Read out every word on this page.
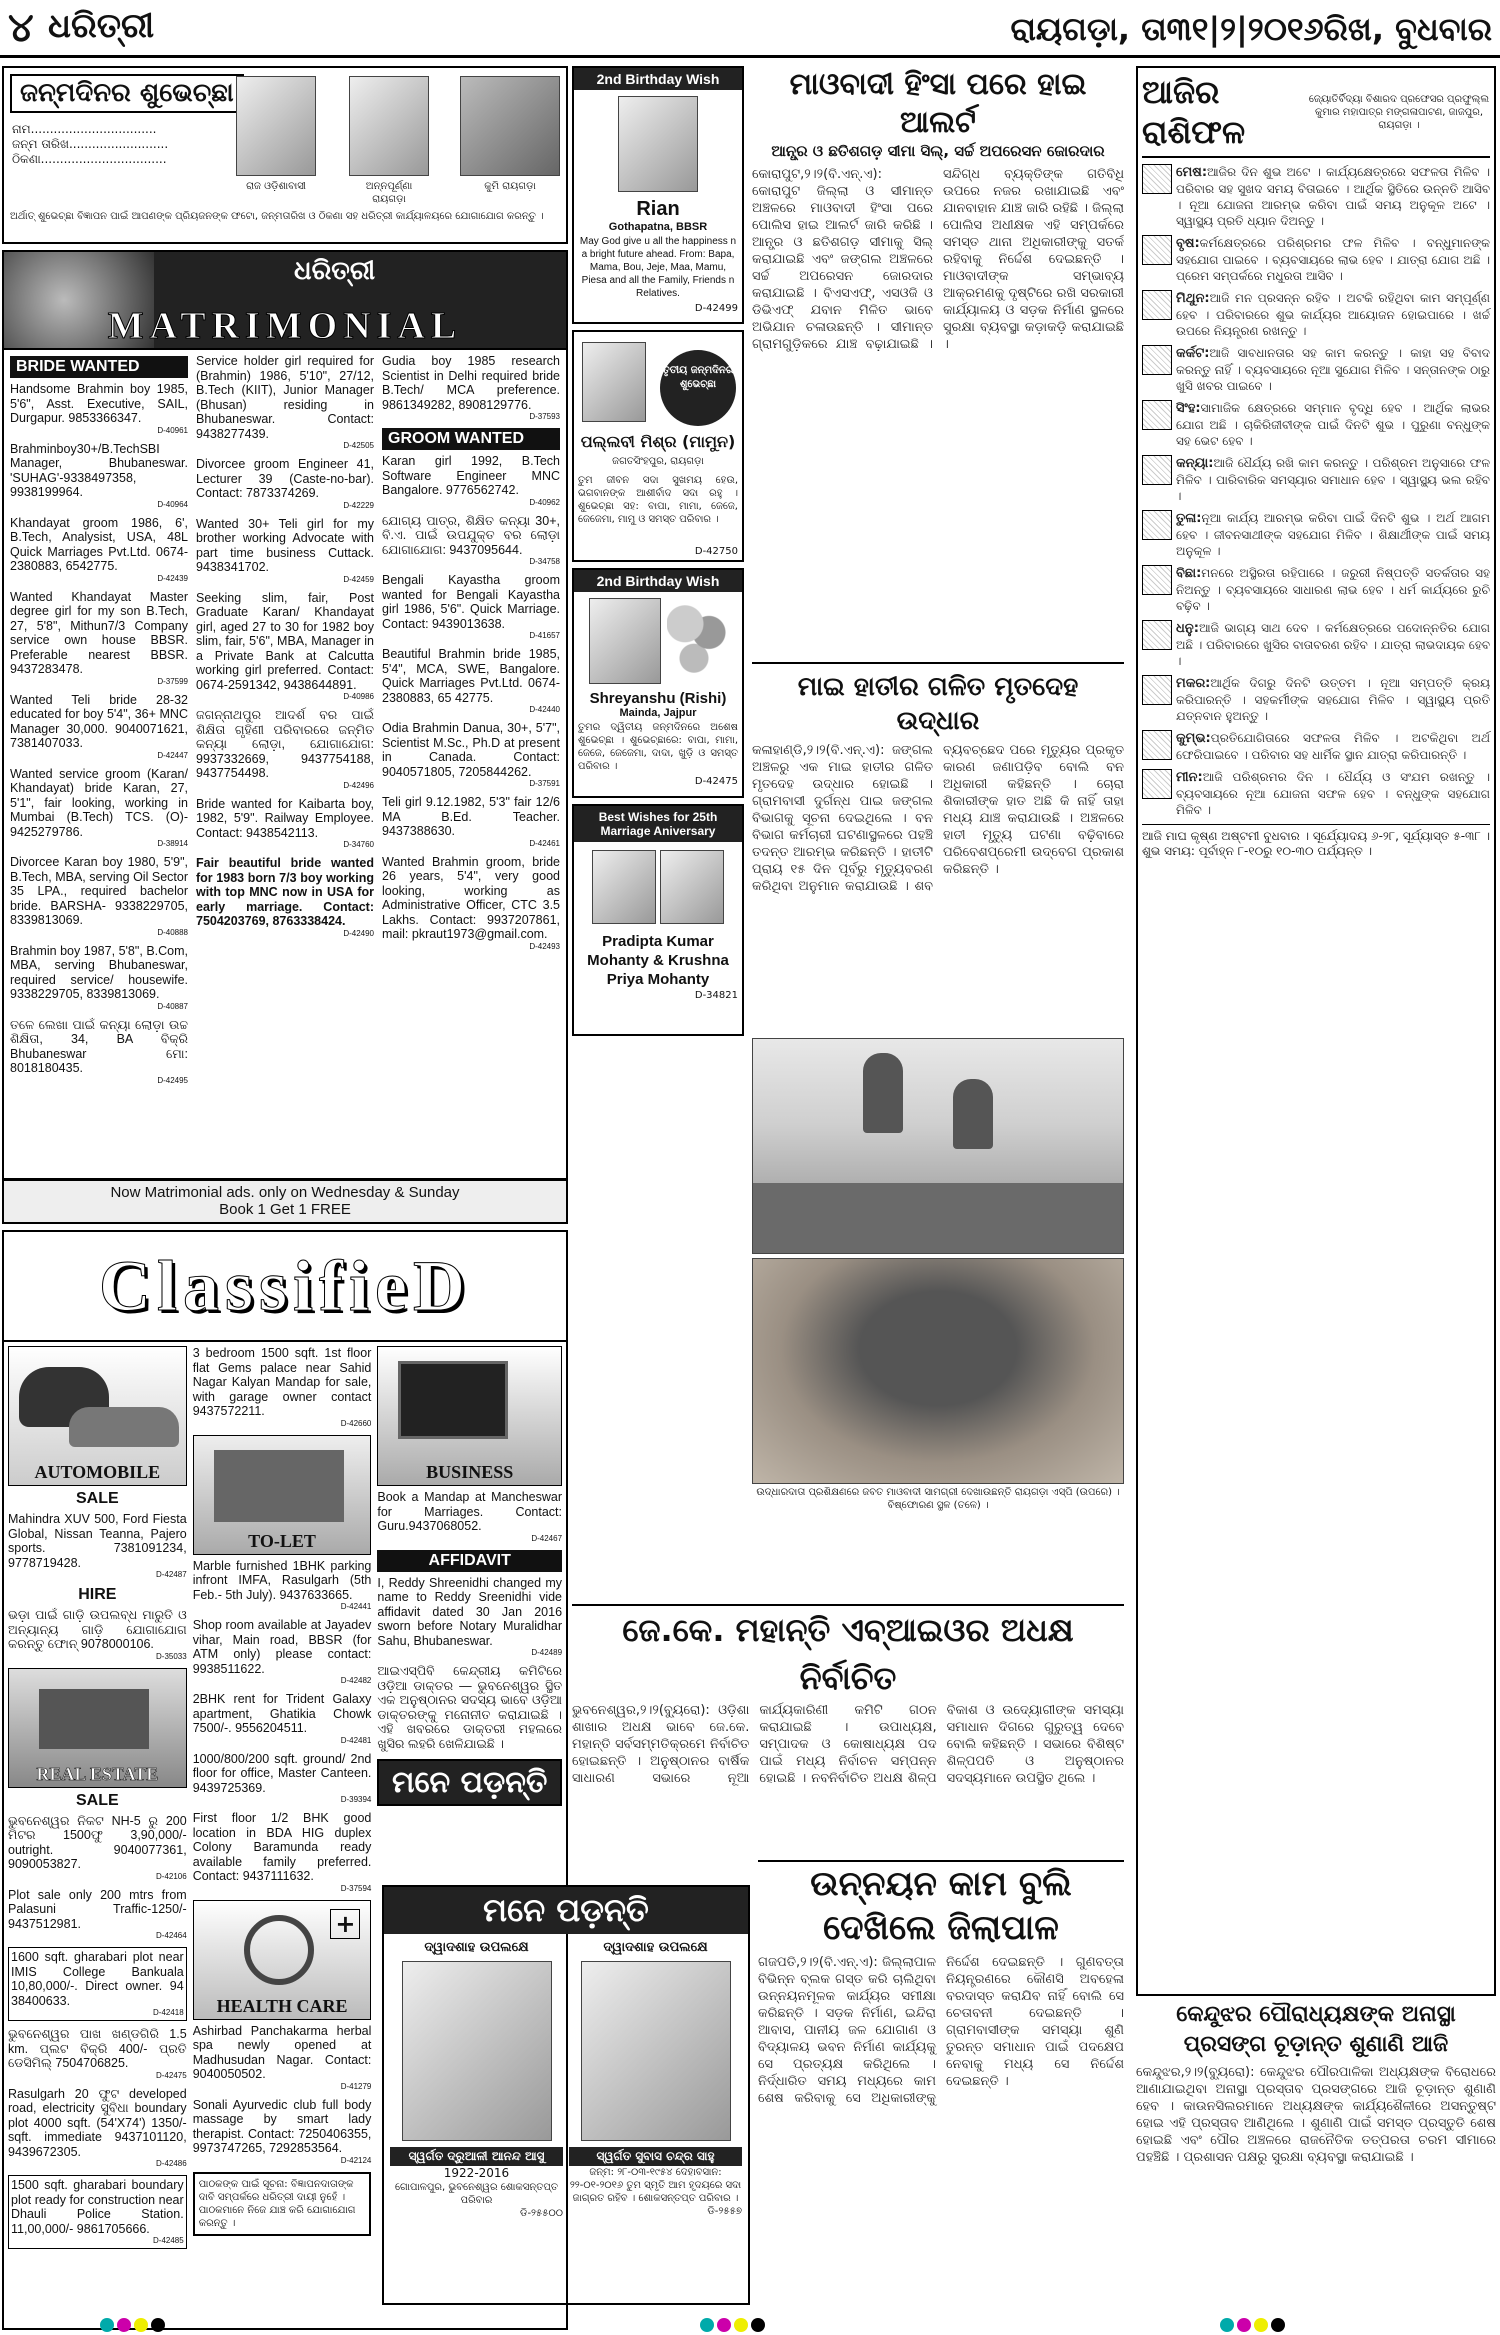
୪ ଧରିତ୍ରୀ	ରାୟଗଡ଼ା, ତା୩୧|୨|୨୦୧୬ରିଖ, ବୁଧବାର
ଜନ୍ମଦିନର ଶୁଭେଚ୍ଛା
ନାମ.................................
ଜନ୍ମ ତାରିଖ..........................
ଠିକଣା.................................
ରାଜ ଓଡ଼ିଶାବାସୀ	ଅନ୍ନପୂର୍ଣ୍ଣା ରାୟଗଡ଼ା
କୁମି ରାୟଗଡ଼ା
ଅର୍ଥାତ୍ ଶୁଭେଚ୍ଛା ବିଜ୍ଞାପନ ପାଇଁ ଆପଣଙ୍କ ପ୍ରିୟଜନଙ୍କ ଫଟୋ, ଜନ୍ମତାରିଖ ଓ ଠିକଣା ସହ ଧରିତ୍ରୀ କାର୍ଯ୍ୟାଳୟରେ ଯୋଗାଯୋଗ କରନ୍ତୁ ।
ଧରିତ୍ରୀ
MATRIMONIAL
BRIDE WANTED
Handsome Brahmin boy 1985, 5'6", Asst. Executive, SAIL, Durgapur. 9853366347.
D-40961
Brahminboy30+/B.TechSBI Manager, Bhubaneswar. 'SUHAG'-9338497358, 9938199964.
D-40964
Khandayat groom 1986, 6', B.Tech, Analysist, USA, 48L Quick Marriages Pvt.Ltd. 0674-2380883, 6542775.
D-42439
Wanted Khandayat Master degree girl for my son B.Tech, 27, 5'8", Mithun7/3 Company service own house BBSR. Preferable nearest BBSR. 9437283478.
D-37599
Wanted Teli bride 28-32 educated for boy 5'4", 36+ MNC Manager 30,000. 9040071621, 7381407033.
D-42447
Wanted service groom (Karan/ Khandayat) bride Karan, 27, 5'1", fair looking, working in Mumbai (B.Tech) TCS. (O)- 9425279786.
D-38914
Divorcee Karan boy 1980, 5'9", B.Tech, MBA, serving Oil Sector 35 LPA., required bachelor bride. BARSHA- 9338229705, 8339813069.
D-40888
Brahmin boy 1987, 5'8", B.Com, MBA, serving Bhubaneswar, required service/ housewife. 9338229705, 8339813069.
D-40887
ତଳେ ଲେଖା ପାଇଁ କନ୍ୟା ଲୋଡ଼ା ଉଚ୍ଚ ଶିକ୍ଷିତା, 34, BA ବିକ୍ରି Bhubaneswar ମୋ: 8018180435.
D-42495
Service holder girl required for (Brahmin) 1986, 5'10", 27/12, B.Tech (KIIT), Junior Manager (Bhusan) residing in Bhubaneswar. Contact: 9438277439.
D-42505
Divorcee groom Engineer 41, Lecturer 39 (Caste-no-bar). Contact: 7873374269.
D-42229
Wanted 30+ Teli girl for my brother working Advocate with part time business Cuttack. 9438341702.
D-42459
Seeking slim, fair, Post Graduate Karan/ Khandayat girl, aged 27 to 30 for 1982 boy slim, fair, 5'6", MBA, Manager in a Private Bank at Calcutta working girl preferred. Contact: 0674-2591342, 9438644891.
D-40986
ଜଗନ୍ନାଥପୁର ଆଦର୍ଶ ବର ପାଇଁ ଶିକ୍ଷିତା ଗୃହିଣୀ ପରିବାରରେ ଜନ୍ମିତ କନ୍ୟା ଲୋଡ଼ା, ଯୋଗାଯୋଗ: 9937332669, 9437754188, 9437754498.
D-42496
Bride wanted for Kaibarta boy, 1982, 5'9". Railway Employee. Contact: 9438542113.
D-34760
Fair beautiful bride wanted for 1983 born 7/3 boy working with top MNC now in USA for early marriage. Contact: 7504203769, 8763338424.
D-42490
Gudia boy 1985 research Scientist in Delhi required bride B.Tech/ MCA preference. 9861349282, 8908129776.
D-37593
GROOM WANTED
Karan girl 1992, B.Tech Software Engineer MNC Bangalore. 9776562742.
D-40962
ଯୋଗ୍ୟ ପାତ୍ର, ଶିକ୍ଷିତ କନ୍ୟା 30+, ବି.ଏ. ପାଇଁ ଉପଯୁକ୍ତ ବର ଲୋଡ଼ା ଯୋଗାଯୋଗ: 9437095644.
D-34758
Bengali Kayastha groom wanted for Bengali Kayastha girl 1986, 5'6". Quick Marriage. Contact: 9439013638.
D-41657
Beautiful Brahmin bride 1985, 5'4", MCA, SWE, Bangalore. Quick Marriages Pvt.Ltd. 0674-2380883, 65 42775.
D-42440
Odia Brahmin Danua, 30+, 5'7", Scientist M.Sc., Ph.D at present in Canada. Contact: 9040571805, 7205844262.
D-37591
Teli girl 9.12.1982, 5'3" fair 12/6 MA B.Ed. Teacher. 9437388630.
D-42461
Wanted Brahmin groom, bride 26 years, 5'4", very good looking, working as Administrative Officer, CTC 3.5 Lakhs. Contact: 9937207861, mail: pkraut1973@gmail.com.
D-42493
Now Matrimonial ads. only on Wednesday & Sunday
Book 1 Get 1 FREE
ClassifieD
AUTOMOBILE
SALE
Mahindra XUV 500, Ford Fiesta Global, Nissan Teanna, Pajero sports. 7381091234, 9778719428.
D-42487
HIRE
ଭଡ଼ା ପାଇଁ ଗାଡ଼ି ଉପଲବ୍ଧ ମାରୁତି ଓ ଅନ୍ୟାନ୍ୟ ଗାଡ଼ି ଯୋଗାଯୋଗ କରନ୍ତୁ ଫୋନ୍ 9078000106.
D-35033
REAL ESTATE
SALE
ଭୁବନେଶ୍ୱର ନିକଟ NH-5 ରୁ 200 ମିଟର 1500ଫୁ 3,90,000/- outright. 9040077361, 9090053827.
D-42106
Plot sale only 200 mtrs from Palasuni Traffic-1250/- 9437512981.
D-42464
1600 sqft. gharabari plot near IMIS College Bankuala 10,80,000/-. Direct owner. 94 38400633.
D-42418
ଭୁବନେଶ୍ୱର ପାଖ ଖଣ୍ଡଗିରି 1.5 km. ପ୍ଲଟ ବିକ୍ରି 400/- ପ୍ରତି ଡେସିମିଲ୍ 7504706825.
D-42475
Rasulgarh 20 ଫୁଟ developed road, electricity ସୁବିଧା boundary plot 4000 sqft. (54'X74') 1350/- sqft. immediate 9437101120, 9439672305.
D-42486
1500 sqft. gharabari boundary plot ready for construction near Dhauli Police Station. 11,00,000/- 9861705666.
D-42485
3 bedroom 1500 sqft. 1st floor flat Gems palace near Sahid Nagar Kalyan Mandap for sale, with garage owner contact 9437572211.
D-42660
TO-LET
Marble furnished 1BHK parking infront IMFA, Rasulgarh (5th Feb.- 5th July). 9437633665.
D-42441
Shop room available at Jayadev vihar, Main road, BBSR (for ATM only) please contact: 9938511622.
D-42482
2BHK rent for Trident Galaxy apartment, Ghatikia Chowk 7500/-. 9556204511.
D-42481
1000/800/200 sqft. ground/ 2nd floor for office, Master Canteen. 9439725369.
D-39394
First floor 1/2 BHK good location in BDA HIG duplex Colony Baramunda ready available family preferred. Contact: 9437111632.
D-37594
+
HEALTH CARE
Ashirbad Panchakarma herbal spa newly opened at Madhusudan Nagar. Contact: 9040050502.
D-41279
Sonali Ayurvedic club full body massage by smart lady therapist. Contact: 7250406355, 9973747265, 7292853564.
D-42124
ପାଠକଙ୍କ ପାଇଁ ସୂଚନା: ବିଜ୍ଞାପନଦାତାଙ୍କ ଦାବି ସମ୍ପର୍କରେ ଧରିତ୍ରୀ ଦାୟୀ ନୁହେଁ । ପାଠକମାନେ ନିଜେ ଯାଞ୍ଚ କରି ଯୋଗାଯୋଗ କରନ୍ତୁ ।
BUSINESS
Book a Mandap at Mancheswar for Marriages. Contact: Guru.9437068052.
D-42467
AFFIDAVIT
I, Reddy Shreenidhi changed my name to Reddy Sreenidhi vide affidavit dated 30 Jan 2016 sworn before Notary Muralidhar Sahu, Bhubaneswar.
D-42489
ଆଇଏସ୍‌ପିବି କେନ୍ଦ୍ରୀୟ କମିଟିରେ ଓଡ଼ିଆ ଡାକ୍ତର — ଭୁବନେଶ୍ୱର ସ୍ଥିତ ଏକ ଅନୁଷ୍ଠାନର ସଦସ୍ୟ ଭାବେ ଓଡ଼ିଆ ଡାକ୍ତରଙ୍କୁ ମନୋନୀତ କରାଯାଇଛି । ଏହି ଖବରରେ ଡାକ୍ତରୀ ମହଲରେ ଖୁସିର ଲହରି ଖେଳିଯାଇଛି ।
ମନେ ପଡ଼ନ୍ତି
ମନେ ପଡ଼ନ୍ତି
ଦ୍ୱାଦଶାହ ଉପଲକ୍ଷେ
ସ୍ୱର୍ଗତ ଦ୍ରୁଆଳୀ ଆନନ୍ଦ ଆସୁ
1922-2016
ଗୋପାଳପୁର, ଭୁବନେଶ୍ୱର ଶୋକସନ୍ତପ୍ତ ପରିବାର
ଡି-୨୫୫୦୦
ଦ୍ୱାଦଶାହ ଉପଲକ୍ଷେ
ସ୍ୱର୍ଗତ ସୁବାସ ଚନ୍ଦ୍ର ସାହୁ
ଜନ୍ମ: ୨୮-୦୩-୧୯୫୪ ଦେହାବସାନ: ୨୨-୦୧-୨୦୧୬ ତୁମ ସ୍ମୃତି ଆମ ହୃଦୟରେ ସଦା ଜାଗ୍ରତ ରହିବ । ଶୋକସନ୍ତପ୍ତ ପରିବାର ।
ଡି-୨୫୫୭
2nd Birthday Wish
Rian
Gothapatna, BBSR
May God give u all the happiness n a bright future ahead. From: Bapa, Mama, Bou, Jeje, Maa, Mamu, Piesa and all the Family, Friends n Relatives.
D-42499
ତୃତୀୟ ଜନ୍ମଦିନର ଶୁଭେଚ୍ଛା
ପଲ୍ଲବୀ ମିଶ୍ର (ମାମୁନ)
ଜଗତସିଂହପୁର, ରାୟଗଡ଼ା
ତୁମ ଜୀବନ ସଦା ସୁଖମୟ ହେଉ, ଭଗବାନଙ୍କ ଆଶୀର୍ବାଦ ସଦା ରହୁ । ଶୁଭେଚ୍ଛା ସହ: ବାପା, ମାମା, ଜେଜେ, ଜେଜେମା, ମାମୁ ଓ ସମସ୍ତ ପରିବାର ।
D-42750
2nd Birthday Wish
Shreyanshu (Rishi)
Mainda, Jajpur
ତୁମର ଦ୍ୱିତୀୟ ଜନ୍ମଦିନରେ ଅଶେଷ ଶୁଭେଚ୍ଛା । ଶୁଭେଚ୍ଛାରେ: ବାପା, ମାମା, ଜେଜେ, ଜେଜେମା, ଦାଦା, ଖୁଡ଼ି ଓ ସମସ୍ତ ପରିବାର ।
D-42475
Best Wishes for 25th Marriage Aniversary
Pradipta Kumar Mohanty & Krushna Priya Mohanty
D-34821
ମାଓବାଦୀ ହିଂସା ପରେ ହାଇ ଆଲର୍ଟ
ଆନ୍ଧ୍ର ଓ ଛତିଶଗଡ଼ ସୀମା ସିଲ୍, ସର୍ଚ୍ଚ ଅପରେସନ ଜୋରଦାର
କୋରାପୁଟ,୨।୨(ବି.ଏନ୍.ଏ): କୋରାପୁଟ ଜିଲ୍ଲା ଓ ସୀମାନ୍ତ ଅଞ୍ଚଳରେ ମାଓବାଦୀ ହିଂସା ପରେ ପୋଲିସ ହାଇ ଆଲର୍ଟ ଜାରି କରିଛି । ଆନ୍ଧ୍ର ଓ ଛତିଶଗଡ଼ ସୀମାକୁ ସିଲ୍ କରାଯାଇଛି ଏବଂ ଜଙ୍ଗଲ ଅଞ୍ଚଳରେ ସର୍ଚ୍ଚ ଅପରେସନ ଜୋରଦାର କରାଯାଇଛି । ବିଏସଏଫ୍, ଏସଓଜି ଓ ଡିଭିଏଫ୍ ଯବାନ ମିଳିତ ଭାବେ ଅଭିଯାନ ଚଳାଉଛନ୍ତି । ସୀମାନ୍ତ ଗ୍ରାମଗୁଡ଼ିକରେ ଯାଞ୍ଚ ବଢ଼ାଯାଇଛି । ସନ୍ଦିଗ୍ଧ ବ୍ୟକ୍ତିଙ୍କ ଗତିବିଧି ଉପରେ ନଜର ରଖାଯାଇଛି ଏବଂ ଯାନବାହାନ ଯାଞ୍ଚ ଜାରି ରହିଛି । ଜିଲ୍ଲା ପୋଲିସ ଅଧୀକ୍ଷକ ଏହି ସମ୍ପର୍କରେ ସମସ୍ତ ଥାନା ଅଧିକାରୀଙ୍କୁ ସତର୍କ ରହିବାକୁ ନିର୍ଦ୍ଦେଶ ଦେଇଛନ୍ତି । ମାଓବାଦୀଙ୍କ ସମ୍ଭାବ୍ୟ ଆକ୍ରମଣକୁ ଦୃଷ୍ଟିରେ ରଖି ସରକାରୀ କାର୍ଯ୍ୟାଳୟ ଓ ସଡ଼କ ନିର୍ମାଣ ସ୍ଥଳରେ ସୁରକ୍ଷା ବ୍ୟବସ୍ଥା କଡ଼ାକଡ଼ି କରାଯାଇଛି ।
ମାଇ ହାତୀର ଗଳିତ ମୃତଦେହ ଉଦ୍ଧାର
କଳାହାଣ୍ଡି,୨।୨(ବି.ଏନ୍.ଏ): ଜଙ୍ଗଲ ଅଞ୍ଚଳରୁ ଏକ ମାଇ ହାତୀର ଗଳିତ ମୃତଦେହ ଉଦ୍ଧାର ହୋଇଛି । ଗ୍ରାମବାସୀ ଦୁର୍ଗନ୍ଧ ପାଇ ଜଙ୍ଗଲ ବିଭାଗକୁ ସୂଚନା ଦେଇଥିଲେ । ବନ ବିଭାଗ କର୍ମଚାରୀ ଘଟଣାସ୍ଥଳରେ ପହଞ୍ଚି ତଦନ୍ତ ଆରମ୍ଭ କରିଛନ୍ତି । ହାତୀଟି ପ୍ରାୟ ୧୫ ଦିନ ପୂର୍ବରୁ ମୃତ୍ୟୁବରଣ କରିଥିବା ଅନୁମାନ କରାଯାଉଛି । ଶବ ବ୍ୟବଚ୍ଛେଦ ପରେ ମୃତ୍ୟୁର ପ୍ରକୃତ କାରଣ ଜଣାପଡ଼ିବ ବୋଲି ବନ ଅଧିକାରୀ କହିଛନ୍ତି । ଚୋରା ଶିକାରୀଙ୍କ ହାତ ଅଛି କି ନାହିଁ ତାହା ମଧ୍ୟ ଯାଞ୍ଚ କରାଯାଉଛି । ଅଞ୍ଚଳରେ ହାତୀ ମୃତ୍ୟୁ ଘଟଣା ବଢ଼ିବାରେ ପରିବେଶପ୍ରେମୀ ଉଦ୍‌ବେଗ ପ୍ରକାଶ କରିଛନ୍ତି ।
ଉଦ୍ଧାରଦାତା ପ୍ରଶିକ୍ଷଣରେ ଜବତ ମାଓବାଦୀ ସାମଗ୍ରୀ ଦେଖାଉଛନ୍ତି ରାୟଗଡ଼ା ଏସ୍‌ପି (ଉପରେ) । ବିଷ୍ଫୋରଣ ସ୍ଥଳ (ତଳେ) ।
ଜେ.କେ. ମହାନ୍ତି ଏବ୍‌ଆଇଓର ଅଧକ୍ଷ ନିର୍ବାଚିତ
ଭୁବନେଶ୍ୱର,୨।୨(ବ୍ୟୁରୋ): ଓଡ଼ିଶା ଶାଖାର ଅଧକ୍ଷ ଭାବେ ଜେ.କେ. ମହାନ୍ତି ସର୍ବସମ୍ମତିକ୍ରମେ ନିର୍ବାଚିତ ହୋଇଛନ୍ତି । ଅନୁଷ୍ଠାନର ବାର୍ଷିକ ସାଧାରଣ ସଭାରେ ନୂଆ କାର୍ଯ୍ୟକାରିଣୀ କମିଟି ଗଠନ କରାଯାଇଛି । ଉପାଧ୍ୟକ୍ଷ, ସମ୍ପାଦକ ଓ କୋଷାଧ୍ୟକ୍ଷ ପଦ ପାଇଁ ମଧ୍ୟ ନିର୍ବାଚନ ସମ୍ପନ୍ନ ହୋଇଛି । ନବନିର୍ବାଚିତ ଅଧକ୍ଷ ଶିଳ୍ପ ବିକାଶ ଓ ଉଦ୍ୟୋଗୀଙ୍କ ସମସ୍ୟା ସମାଧାନ ଦିଗରେ ଗୁରୁତ୍ୱ ଦେବେ ବୋଲି କହିଛନ୍ତି । ସଭାରେ ବିଶିଷ୍ଟ ଶିଳ୍ପପତି ଓ ଅନୁଷ୍ଠାନର ସଦସ୍ୟମାନେ ଉପସ୍ଥିତ ଥିଲେ ।
ଉନ୍ନୟନ କାମ ବୁଲି ଦେଖିଲେ ଜିଲାପାଳ
ଗଜପତି,୨।୨(ବି.ଏନ୍.ଏ): ଜିଲ୍ଲାପାଳ ବିଭିନ୍ନ ବ୍ଲକ ଗସ୍ତ କରି ଚାଲିଥିବା ଉନ୍ନୟନମୂଳକ କାର୍ଯ୍ୟର ସମୀକ୍ଷା କରିଛନ୍ତି । ସଡ଼କ ନିର୍ମାଣ, ଇନ୍ଦିରା ଆବାସ, ପାନୀୟ ଜଳ ଯୋଗାଣ ଓ ବିଦ୍ୟାଳୟ ଭବନ ନିର୍ମାଣ କାର୍ଯ୍ୟକୁ ସେ ପ୍ରତ୍ୟକ୍ଷ କରିଥିଲେ । ନିର୍ଦ୍ଧାରିତ ସମୟ ମଧ୍ୟରେ କାମ ଶେଷ କରିବାକୁ ସେ ଅଧିକାରୀଙ୍କୁ ନିର୍ଦ୍ଦେଶ ଦେଇଛନ୍ତି । ଗୁଣବତ୍ତା ନିୟନ୍ତ୍ରଣରେ କୌଣସି ଅବହେଳା ବରଦାସ୍ତ କରାଯିବ ନାହିଁ ବୋଲି ସେ ଚେତାବନୀ ଦେଇଛନ୍ତି । ଗ୍ରାମବାସୀଙ୍କ ସମସ୍ୟା ଶୁଣି ତୁରନ୍ତ ସମାଧାନ ପାଇଁ ପଦକ୍ଷେପ ନେବାକୁ ମଧ୍ୟ ସେ ନିର୍ଦ୍ଦେଶ ଦେଇଛନ୍ତି ।
ଆଜିର ରାଶିଫଳ
ଜ୍ୟୋତିର୍ବିଦ୍ୟା ବିଶାରଦ ପ୍ରଫେସର ପ୍ରଫୁଲ୍ଲ କୁମାର ମହାପାତ୍ର ମଙ୍ଗଳାପାଟଣ, ଜାଜପୁର, ରାୟଗଡ଼ା ।
ମେଷ:ଆଜିର ଦିନ ଶୁଭ ଅଟେ । କାର୍ଯ୍ୟକ୍ଷେତ୍ରରେ ସଫଳତା ମିଳିବ । ପରିବାର ସହ ସୁଖଦ ସମୟ ବିତାଇବେ । ଆର୍ଥିକ ସ୍ଥିତିରେ ଉନ୍ନତି ଆସିବ । ନୂଆ ଯୋଜନା ଆରମ୍ଭ କରିବା ପାଇଁ ସମୟ ଅନୁକୂଳ ଅଟେ । ସ୍ୱାସ୍ଥ୍ୟ ପ୍ରତି ଧ୍ୟାନ ଦିଅନ୍ତୁ ।
ବୃଷ:କର୍ମକ୍ଷେତ୍ରରେ ପରିଶ୍ରମର ଫଳ ମିଳିବ । ବନ୍ଧୁମାନଙ୍କ ସହଯୋଗ ପାଇବେ । ବ୍ୟବସାୟରେ ଲାଭ ହେବ । ଯାତ୍ରା ଯୋଗ ଅଛି । ପ୍ରେମ ସମ୍ପର୍କରେ ମଧୁରତା ଆସିବ ।
ମିଥୁନ:ଆଜି ମନ ପ୍ରସନ୍ନ ରହିବ । ଅଟକି ରହିଥିବା କାମ ସମ୍ପୂର୍ଣ୍ଣ ହେବ । ପରିବାରରେ ଶୁଭ କାର୍ଯ୍ୟର ଆୟୋଜନ ହୋଇପାରେ । ଖର୍ଚ୍ଚ ଉପରେ ନିୟନ୍ତ୍ରଣ ରଖନ୍ତୁ ।
କର୍କଟ:ଆଜି ସାବଧାନତାର ସହ କାମ କରନ୍ତୁ । କାହା ସହ ବିବାଦ କରନ୍ତୁ ନାହିଁ । ବ୍ୟବସାୟରେ ନୂଆ ସୁଯୋଗ ମିଳିବ । ସନ୍ତାନଙ୍କ ଠାରୁ ଖୁସି ଖବର ପାଇବେ ।
ସିଂହ:ସାମାଜିକ କ୍ଷେତ୍ରରେ ସମ୍ମାନ ବୃଦ୍ଧି ହେବ । ଆର୍ଥିକ ଲାଭର ଯୋଗ ଅଛି । ଚାକିରିଜୀବୀଙ୍କ ପାଇଁ ଦିନଟି ଶୁଭ । ପୁରୁଣା ବନ୍ଧୁଙ୍କ ସହ ଭେଟ ହେବ ।
କନ୍ୟା:ଆଜି ଧୈର୍ଯ୍ୟ ରଖି କାମ କରନ୍ତୁ । ପରିଶ୍ରମ ଅନୁସାରେ ଫଳ ମିଳିବ । ପାରିବାରିକ ସମସ୍ୟାର ସମାଧାନ ହେବ । ସ୍ୱାସ୍ଥ୍ୟ ଭଲ ରହିବ ।
ତୁଳା:ନୂଆ କାର୍ଯ୍ୟ ଆରମ୍ଭ କରିବା ପାଇଁ ଦିନଟି ଶୁଭ । ଅର୍ଥ ଆଗମ ହେବ । ଜୀବନସାଥୀଙ୍କ ସହଯୋଗ ମିଳିବ । ଶିକ୍ଷାର୍ଥୀଙ୍କ ପାଇଁ ସମୟ ଅନୁକୂଳ ।
ବିଛା:ମନରେ ଅସ୍ଥିରତା ରହିପାରେ । ଜରୁରୀ ନିଷ୍ପତ୍ତି ସତର୍କତାର ସହ ନିଅନ୍ତୁ । ବ୍ୟବସାୟରେ ସାଧାରଣ ଲାଭ ହେବ । ଧର୍ମ କାର୍ଯ୍ୟରେ ରୁଚି ବଢ଼ିବ ।
ଧନୁ:ଆଜି ଭାଗ୍ୟ ସାଥ ଦେବ । କର୍ମକ୍ଷେତ୍ରରେ ପଦୋନ୍ନତିର ଯୋଗ ଅଛି । ପରିବାରରେ ଖୁସିର ବାତାବରଣ ରହିବ । ଯାତ୍ରା ଲାଭଦାୟକ ହେବ ।
ମକର:ଆର୍ଥିକ ଦିଗରୁ ଦିନଟି ଉତ୍ତମ । ନୂଆ ସମ୍ପତ୍ତି କ୍ରୟ କରିପାରନ୍ତି । ସହକର୍ମୀଙ୍କ ସହଯୋଗ ମିଳିବ । ସ୍ୱାସ୍ଥ୍ୟ ପ୍ରତି ଯତ୍ନବାନ ହୁଅନ୍ତୁ ।
କୁମ୍ଭ:ପ୍ରତିଯୋଗିତାରେ ସଫଳତା ମିଳିବ । ଅଟକିଥିବା ଅର୍ଥ ଫେରିପାଇବେ । ପରିବାର ସହ ଧାର୍ମିକ ସ୍ଥାନ ଯାତ୍ରା କରିପାରନ୍ତି ।
ମୀନ:ଆଜି ପରିଶ୍ରମର ଦିନ । ଧୈର୍ଯ୍ୟ ଓ ସଂଯମ ରଖନ୍ତୁ । ବ୍ୟବସାୟରେ ନୂଆ ଯୋଜନା ସଫଳ ହେବ । ବନ୍ଧୁଙ୍କ ସହଯୋଗ ମିଳିବ ।
ଆଜି ମାଘ କୃଷ୍ଣ ଅଷ୍ଟମୀ ବୁଧବାର । ସୂର୍ଯ୍ୟୋଦୟ ୬-୨୮, ସୂର୍ଯ୍ୟାସ୍ତ ୫-୩୮ । ଶୁଭ ସମୟ: ପୂର୍ବାହ୍ନ ୮-୧୦ରୁ ୧୦-୩୦ ପର୍ଯ୍ୟନ୍ତ ।
କେନ୍ଦୁଝର ପୌରାଧ୍ୟକ୍ଷଙ୍କ ଅନାସ୍ଥା ପ୍ରସଙ୍ଗ ଚୂଡ଼ାନ୍ତ ଶୁଣାଣି ଆଜି
କେନ୍ଦୁଝର,୨।୨(ବ୍ୟୁରୋ): କେନ୍ଦୁଝର ପୌରପାଳିକା ଅଧ୍ୟକ୍ଷଙ୍କ ବିରୋଧରେ ଆଣାଯାଇଥିବା ଅନାସ୍ଥା ପ୍ରସ୍ତାବ ପ୍ରସଙ୍ଗରେ ଆଜି ଚୂଡ଼ାନ୍ତ ଶୁଣାଣି ହେବ । କାଉନସିଲରମାନେ ଅଧ୍ୟକ୍ଷଙ୍କ କାର୍ଯ୍ୟଶୈଳୀରେ ଅସନ୍ତୁଷ୍ଟ ହୋଇ ଏହି ପ୍ରସ୍ତାବ ଆଣିଥିଲେ । ଶୁଣାଣି ପାଇଁ ସମସ୍ତ ପ୍ରସ୍ତୁତି ଶେଷ ହୋଇଛି ଏବଂ ପୌର ଅଞ୍ଚଳରେ ରାଜନୈତିକ ତତ୍ପରତା ଚରମ ସୀମାରେ ପହଞ୍ଚିଛି । ପ୍ରଶାସନ ପକ୍ଷରୁ ସୁରକ୍ଷା ବ୍ୟବସ୍ଥା କରାଯାଇଛି ।
